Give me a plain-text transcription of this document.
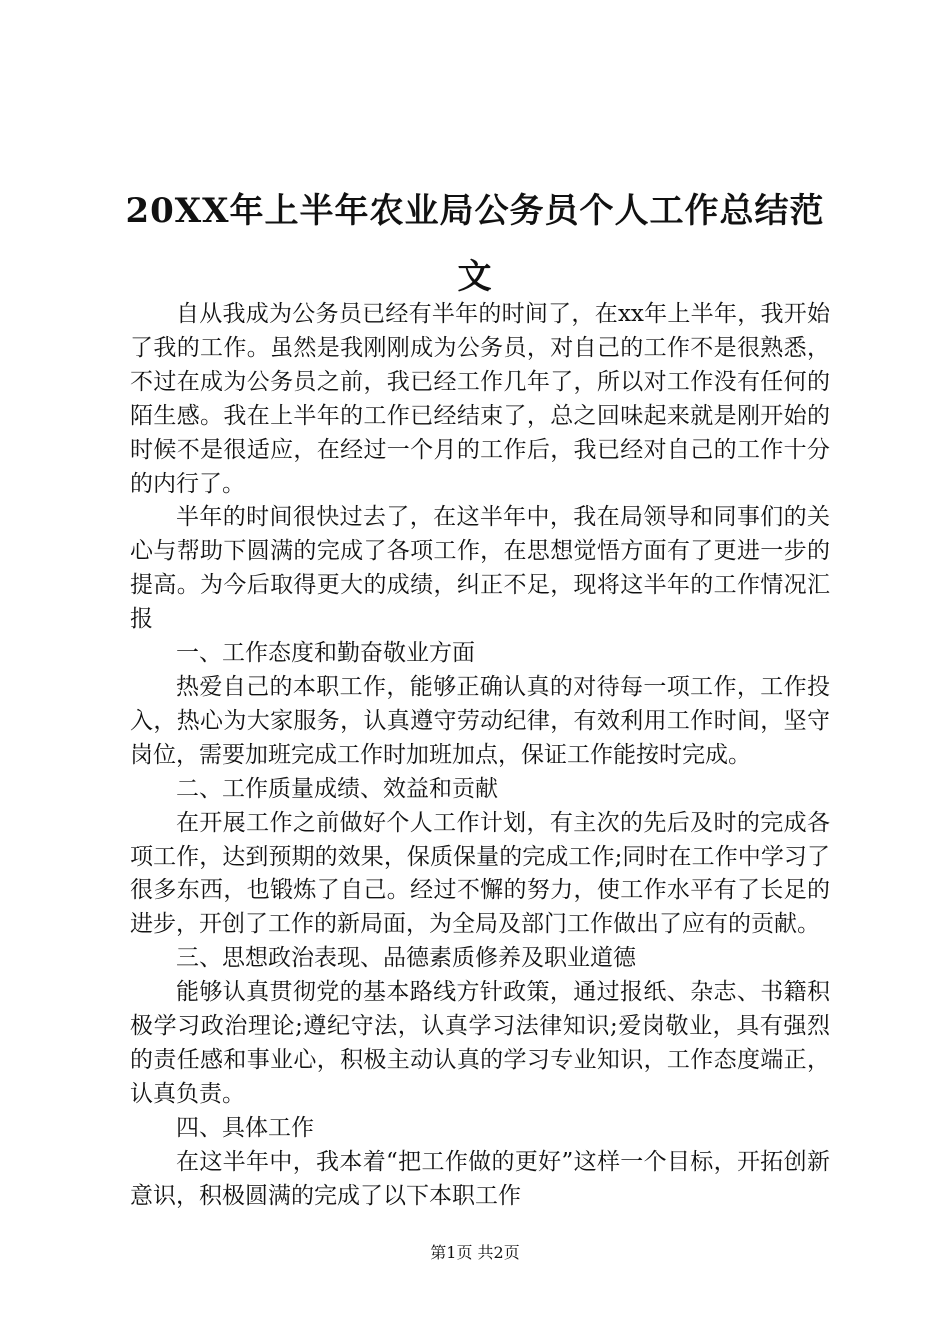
20XX年上半年农业局公务员个人工作总结范文

自从我成为公务员已经有半年的时间了，在xx年上半年，我开始了我的工作。虽然是我刚刚成为公务员，对自己的工作不是很熟悉，不过在成为公务员之前，我已经工作几年了，所以对工作没有任何的陌生感。我在上半年的工作已经结束了，总之回味起来就是刚开始的时候不是很适应，在经过一个月的工作后，我已经对自己的工作十分的内行了。

半年的时间很快过去了，在这半年中，我在局领导和同事们的关心与帮助下圆满的完成了各项工作，在思想觉悟方面有了更进一步的提高。为今后取得更大的成绩，纠正不足，现将这半年的工作情况汇报

一、工作态度和勤奋敬业方面

热爱自己的本职工作，能够正确认真的对待每一项工作，工作投入，热心为大家服务，认真遵守劳动纪律，有效利用工作时间，坚守岗位，需要加班完成工作时加班加点，保证工作能按时完成。

二、工作质量成绩、效益和贡献

在开展工作之前做好个人工作计划，有主次的先后及时的完成各项工作，达到预期的效果，保质保量的完成工作;同时在工作中学习了很多东西，也锻炼了自己。经过不懈的努力，使工作水平有了长足的进步，开创了工作的新局面，为全局及部门工作做出了应有的贡献。

三、思想政治表现、品德素质修养及职业道德

能够认真贯彻党的基本路线方针政策，通过报纸、杂志、书籍积极学习政治理论;遵纪守法，认真学习法律知识;爱岗敬业，具有强烈的责任感和事业心，积极主动认真的学习专业知识，工作态度端正，认真负责。

四、具体工作

在这半年中，我本着“把工作做的更好”这样一个目标，开拓创新意识，积极圆满的完成了以下本职工作

第1页 共2页
